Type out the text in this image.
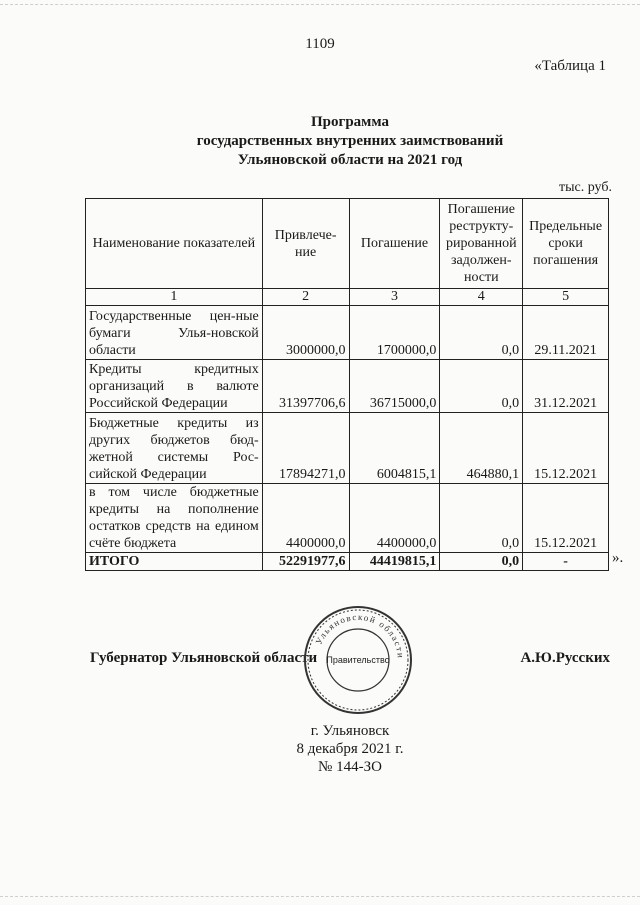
1109
«Таблица 1
Программа
государственных внутренних заимствований
Ульяновской области на 2021 год
тыс. руб.
Наименование показателей	Привлече-ние	Погашение	Погашение реструкту-рированной задолжен-ности	Предельные сроки погашения
1	2	3	4	5
Государственные цен-ные бумаги Улья-новской области	3000000,0	1700000,0	0,0	29.11.2021
Кредиты кредитных организаций в валюте Российской Федерации	31397706,6	36715000,0	0,0	31.12.2021
Бюджетные кредиты из других бюджетов бюд-жетной системы Рос-сийской Федерации	17894271,0	6004815,1	464880,1	15.12.2021
в том числе бюджетные кредиты на пополнение остатков средств на едином счёте бюджета	4400000,0	4400000,0	0,0	15.12.2021
ИТОГО	52291977,6	44419815,1	0,0	-	».
Губернатор Ульяновской области	А.Ю.Русских
Ульяновской области
Правительство
г. Ульяновск
8 декабря 2021 г.
№ 144-ЗО
